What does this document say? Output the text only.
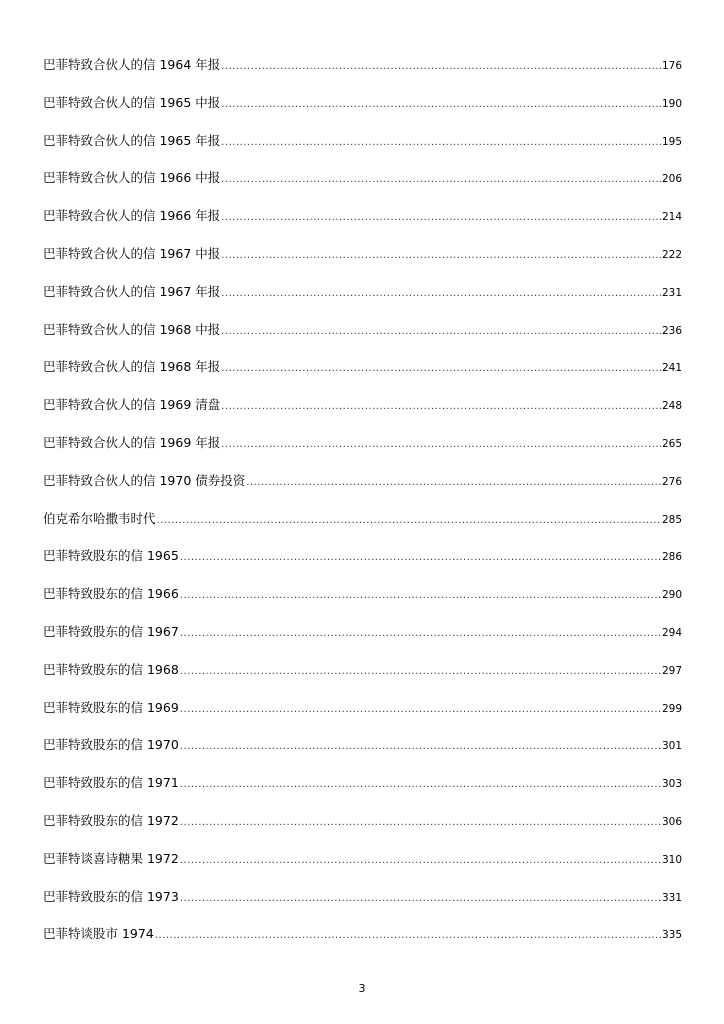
巴菲特致合伙人的信 1964 年报 .....	176
巴菲特致合伙人的信 1965 中报 .....	190
巴菲特致合伙人的信 1965 年报 .....	195
巴菲特致合伙人的信 1966 中报 .....	206
巴菲特致合伙人的信 1966 年报 .....	214
巴菲特致合伙人的信 1967 中报 .....	222
巴菲特致合伙人的信 1967 年报 .....	231
巴菲特致合伙人的信 1968 中报 .....	236
巴菲特致合伙人的信 1968 年报 .....	241
巴菲特致合伙人的信 1969 清盘 .....	248
巴菲特致合伙人的信 1969 年报 .....	265
巴菲特致合伙人的信 1970 债券投资 .....	276
伯克希尔哈撒韦时代 .....	285
巴菲特致股东的信 1965 .....	286
巴菲特致股东的信 1966 .....	290
巴菲特致股东的信 1967 .....	294
巴菲特致股东的信 1968 .....	297
巴菲特致股东的信 1969 .....	299
巴菲特致股东的信 1970 .....	301
巴菲特致股东的信 1971 .....	303
巴菲特致股东的信 1972 .....	306
巴菲特谈喜诗糖果 1972 .....	310
巴菲特致股东的信 1973 .....	331
巴菲特谈股市 1974 .....	335
3
